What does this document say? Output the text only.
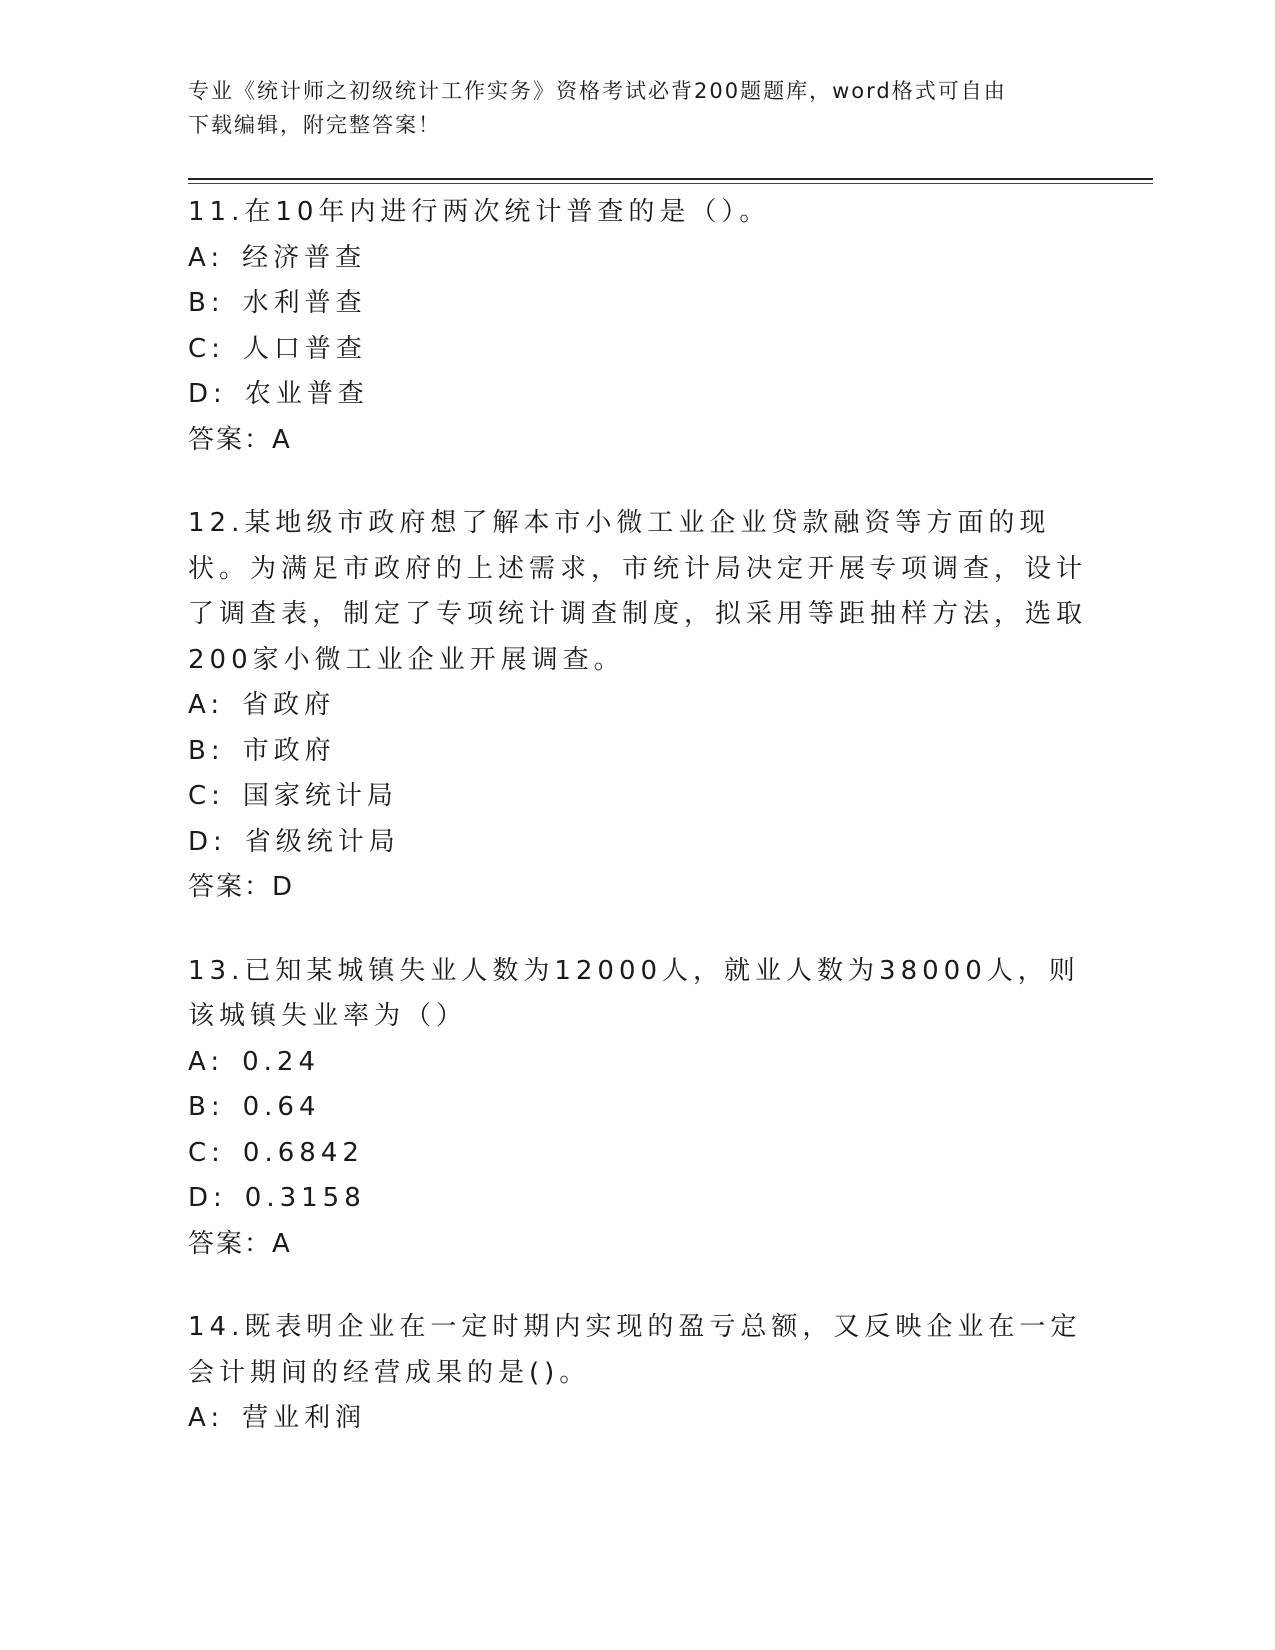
专业《统计师之初级统计工作实务》资格考试必背200题题库，word格式可自由
下载编辑，附完整答案！

11.在10年内进行两次统计普查的是（）。

A: 经济普查

B: 水利普查

C: 人口普查

D: 农业普查

答案：A

12.某地级市政府想了解本市小微工业企业贷款融资等方面的现状。为满足市政府的上述需求，市统计局决定开展专项调查，设计了调查表，制定了专项统计调查制度，拟采用等距抽样方法，选取200家小微工业企业开展调查。

A: 省政府

B: 市政府

C: 国家统计局

D: 省级统计局

答案：D

13.已知某城镇失业人数为12000人，就业人数为38000人，则该城镇失业率为（）

A: 0.24

B: 0.64

C: 0.6842

D: 0.3158

答案：A

14.既表明企业在一定时期内实现的盈亏总额，又反映企业在一定会计期间的经营成果的是()。

A: 营业利润
